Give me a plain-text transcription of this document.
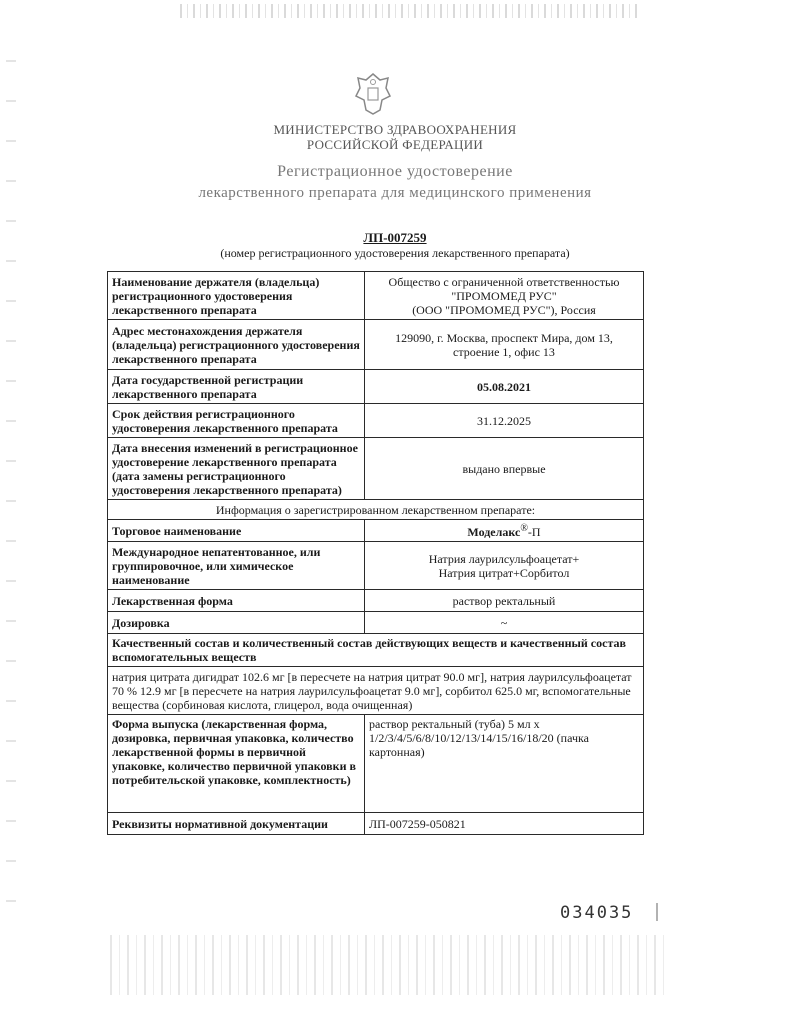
МИНИСТЕРСТВО ЗДРАВООХРАНЕНИЯ
РОССИЙСКОЙ ФЕДЕРАЦИИ
Регистрационное удостоверение
лекарственного препарата для медицинского применения
ЛП-007259
(номер регистрационного удостоверения лекарственного препарата)
Наименование держателя (владельца) регистрационного удостоверения лекарственного препарата	Общество с ограниченной ответственностью
"ПРОМОМЕД РУС"
(ООО "ПРОМОМЕД РУС"), Россия

Адрес местонахождения держателя (владельца) регистрационного удостоверения лекарственного препарата	129090, г. Москва, проспект Мира, дом 13,
строение 1, офис 13

Дата государственной регистрации лекарственного препарата	05.08.2021
Срок действия регистрационного удостоверения лекарственного препарата	31.12.2025
Дата внесения изменений в регистрационное удостоверение лекарственного препарата (дата замены регистрационного удостоверения лекарственного препарата)	выдано впервые
Информация о зарегистрированном лекарственном препарате:	
Торговое наименование	Моделакс®-П
Международное непатентованное, или группировочное, или химическое наименование	Натрия лаурилсульфоацетат+
Натрия цитрат+Сорбитол

Лекарственная форма	раствор ректальный
Дозировка	~
Качественный состав и количественный состав действующих веществ и качественный состав вспомогательных веществ	
натрия цитрата дигидрат 102.6 мг [в пересчете на натрия цитрат 90.0 мг], натрия лаурилсульфоацетат 70 % 12.9 мг [в пересчете на натрия лаурилсульфоацетат 9.0 мг], сорбитол 625.0 мг, вспомогательные вещества (сорбиновая кислота, глицерол, вода очищенная)	
Форма выпуска (лекарственная форма, дозировка, первичная упаковка, количество лекарственной формы в первичной упаковке, количество первичной упаковки в потребительской упаковке, комплектность)	раствор ректальный (туба) 5 мл x 1/2/3/4/5/6/8/10/12/13/14/15/16/18/20 (пачка картонная)
Реквизиты нормативной документации	ЛП-007259-050821
034035
